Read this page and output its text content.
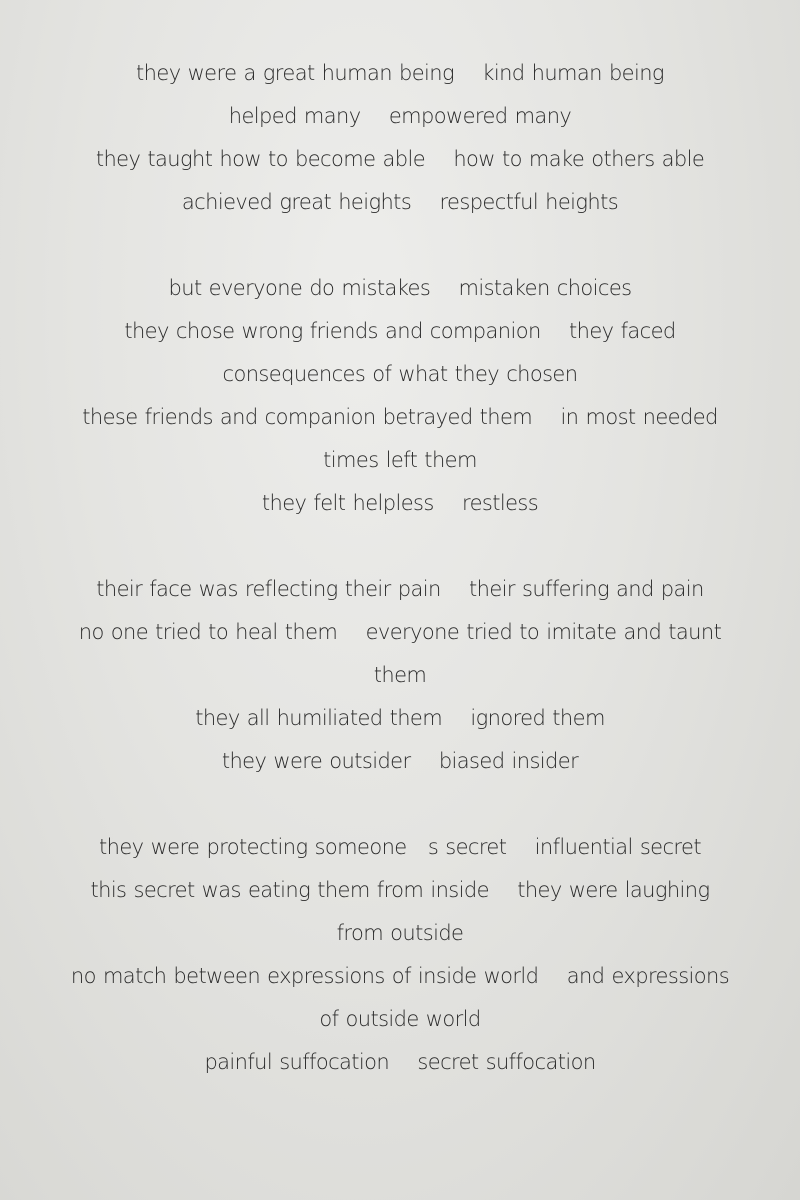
they were a great human being    kind human being
helped many    empowered many
they taught how to become able    how to make others able
achieved great heights    respectful heights
but everyone do mistakes    mistaken choices
they chose wrong friends and companion    they faced consequences of what they chosen
these friends and companion betrayed them    in most needed times left them
they felt helpless    restless
their face was reflecting their pain    their suffering and pain
no one tried to heal them    everyone tried to imitate and taunt them
they all humiliated them    ignored them
they were outsider    biased insider
they were protecting someone   s secret    influential secret
this secret was eating them from inside    they were laughing from outside
no match between expressions of inside world    and expressions of outside world
painful suffocation    secret suffocation
